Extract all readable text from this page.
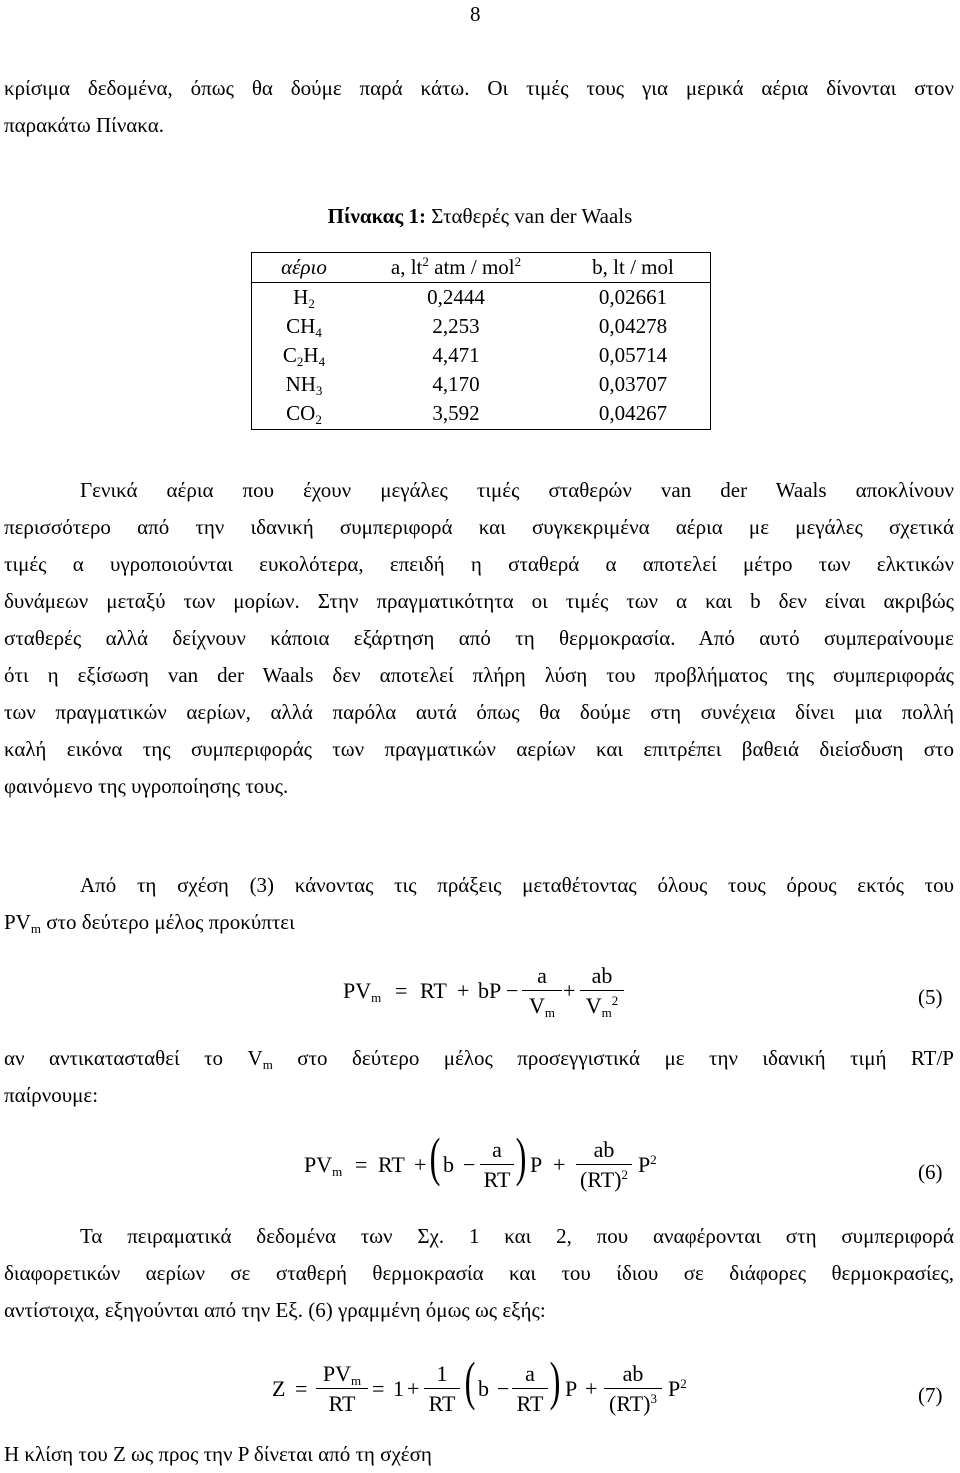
8
κρίσιμα δεδομένα, όπως θα δούμε παρά κάτω. Οι τιμές τους για μερικά αέρια δίνονται στον
παρακάτω Πίνακα.
Πίνακας 1: Σταθερές van der Waals
αέριο	a, $lt^2$ atm / mol$^2$	b, lt / mol
$H_2$	0,2444	0,02661
$CH_4$	2,253	0,04278
$C_2H_4$	4,471	0,05714
$NH_3$	4,170	0,03707
$CO_2$	3,592	0,04267
Γενικά αέρια που έχουν μεγάλες τιμές σταθερών van der Waals αποκλίνουν
περισσότερο από την ιδανική συμπεριφορά και συγκεκριμένα αέρια με μεγάλες σχετικά
τιμές α υγροποιούνται ευκολότερα, επειδή η σταθερά α αποτελεί μέτρο των ελκτικών
δυνάμεων μεταξύ των μορίων. Στην πραγματικότητα οι τιμές των α και b δεν είναι ακριβώς
σταθερές αλλά δείχνουν κάποια εξάρτηση από τη θερμοκρασία. Από αυτό συμπεραίνουμε
ότι η εξίσωση van der Waals δεν αποτελεί πλήρη λύση του προβλήματος της συμπεριφοράς
των πραγματικών αερίων, αλλά παρόλα αυτά όπως θα δούμε στη συνέχεια δίνει μια πολλή
καλή εικόνα της συμπεριφοράς των πραγματικών αερίων και επιτρέπει βαθειά διείσδυση στο
φαινόμενο της υγροποίησης τους.
Από τη σχέση (3) κάνοντας τις πράξεις μεταθέτοντας όλους τους όρους εκτός του
$PV_m$ στο δεύτερο μέλος προκύπτει
$PV_m$ = RT + bP − $\frac{a}{V_m} + \frac{ab}{V_m^2}$	(5)
αν αντικατασταθεί το $V_m$ στο δεύτερο μέλος προσεγγιστικά με την ιδανική τιμή RT/P
παίρνουμε:
$PV_m$ = RT + ( $b - \frac{a}{RT}$ ) $P + \frac{ab}{(RT)^2} P^2$
(6)
Τα πειραματικά δεδομένα των Σχ. 1 και 2, που αναφέρονται στη συμπεριφορά
διαφορετικών αερίων σε σταθερή θερμοκρασία και του ίδιου σε διάφορες θερμοκρασίες,
αντίστοιχα, εξηγούνται από την Εξ. (6) γραμμένη όμως ως εξής:
Z =
$PV_m$
RT
= $1 + \frac{1}{RT}$ ( $b - \frac{a}{RT}$ ) $P + \frac{ab}{(RT)^3} P^2$	(7)
Η κλίση του Z ως προς την P δίνεται από τη σχέση
